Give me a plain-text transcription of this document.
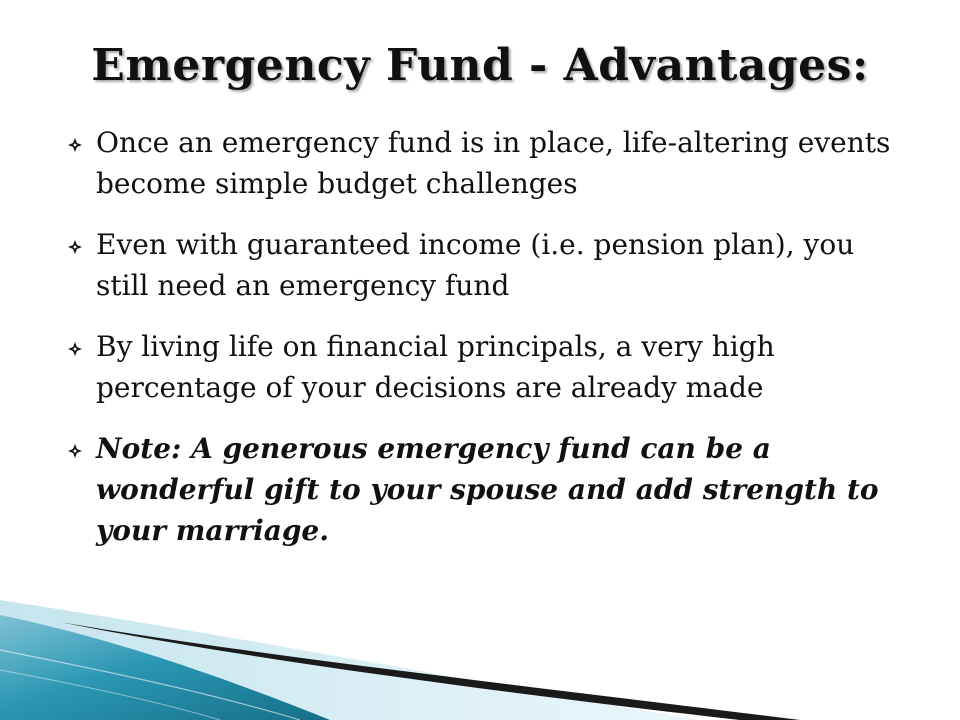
Emergency Fund - Advantages:
Once an emergency fund is in place, life-altering events become simple budget challenges
Even with guaranteed income (i.e. pension plan), you still need an emergency fund
By living life on financial principals, a very high percentage of your decisions are already made
Note: A generous emergency fund can be a wonderful gift to your spouse and add strength to your marriage.
